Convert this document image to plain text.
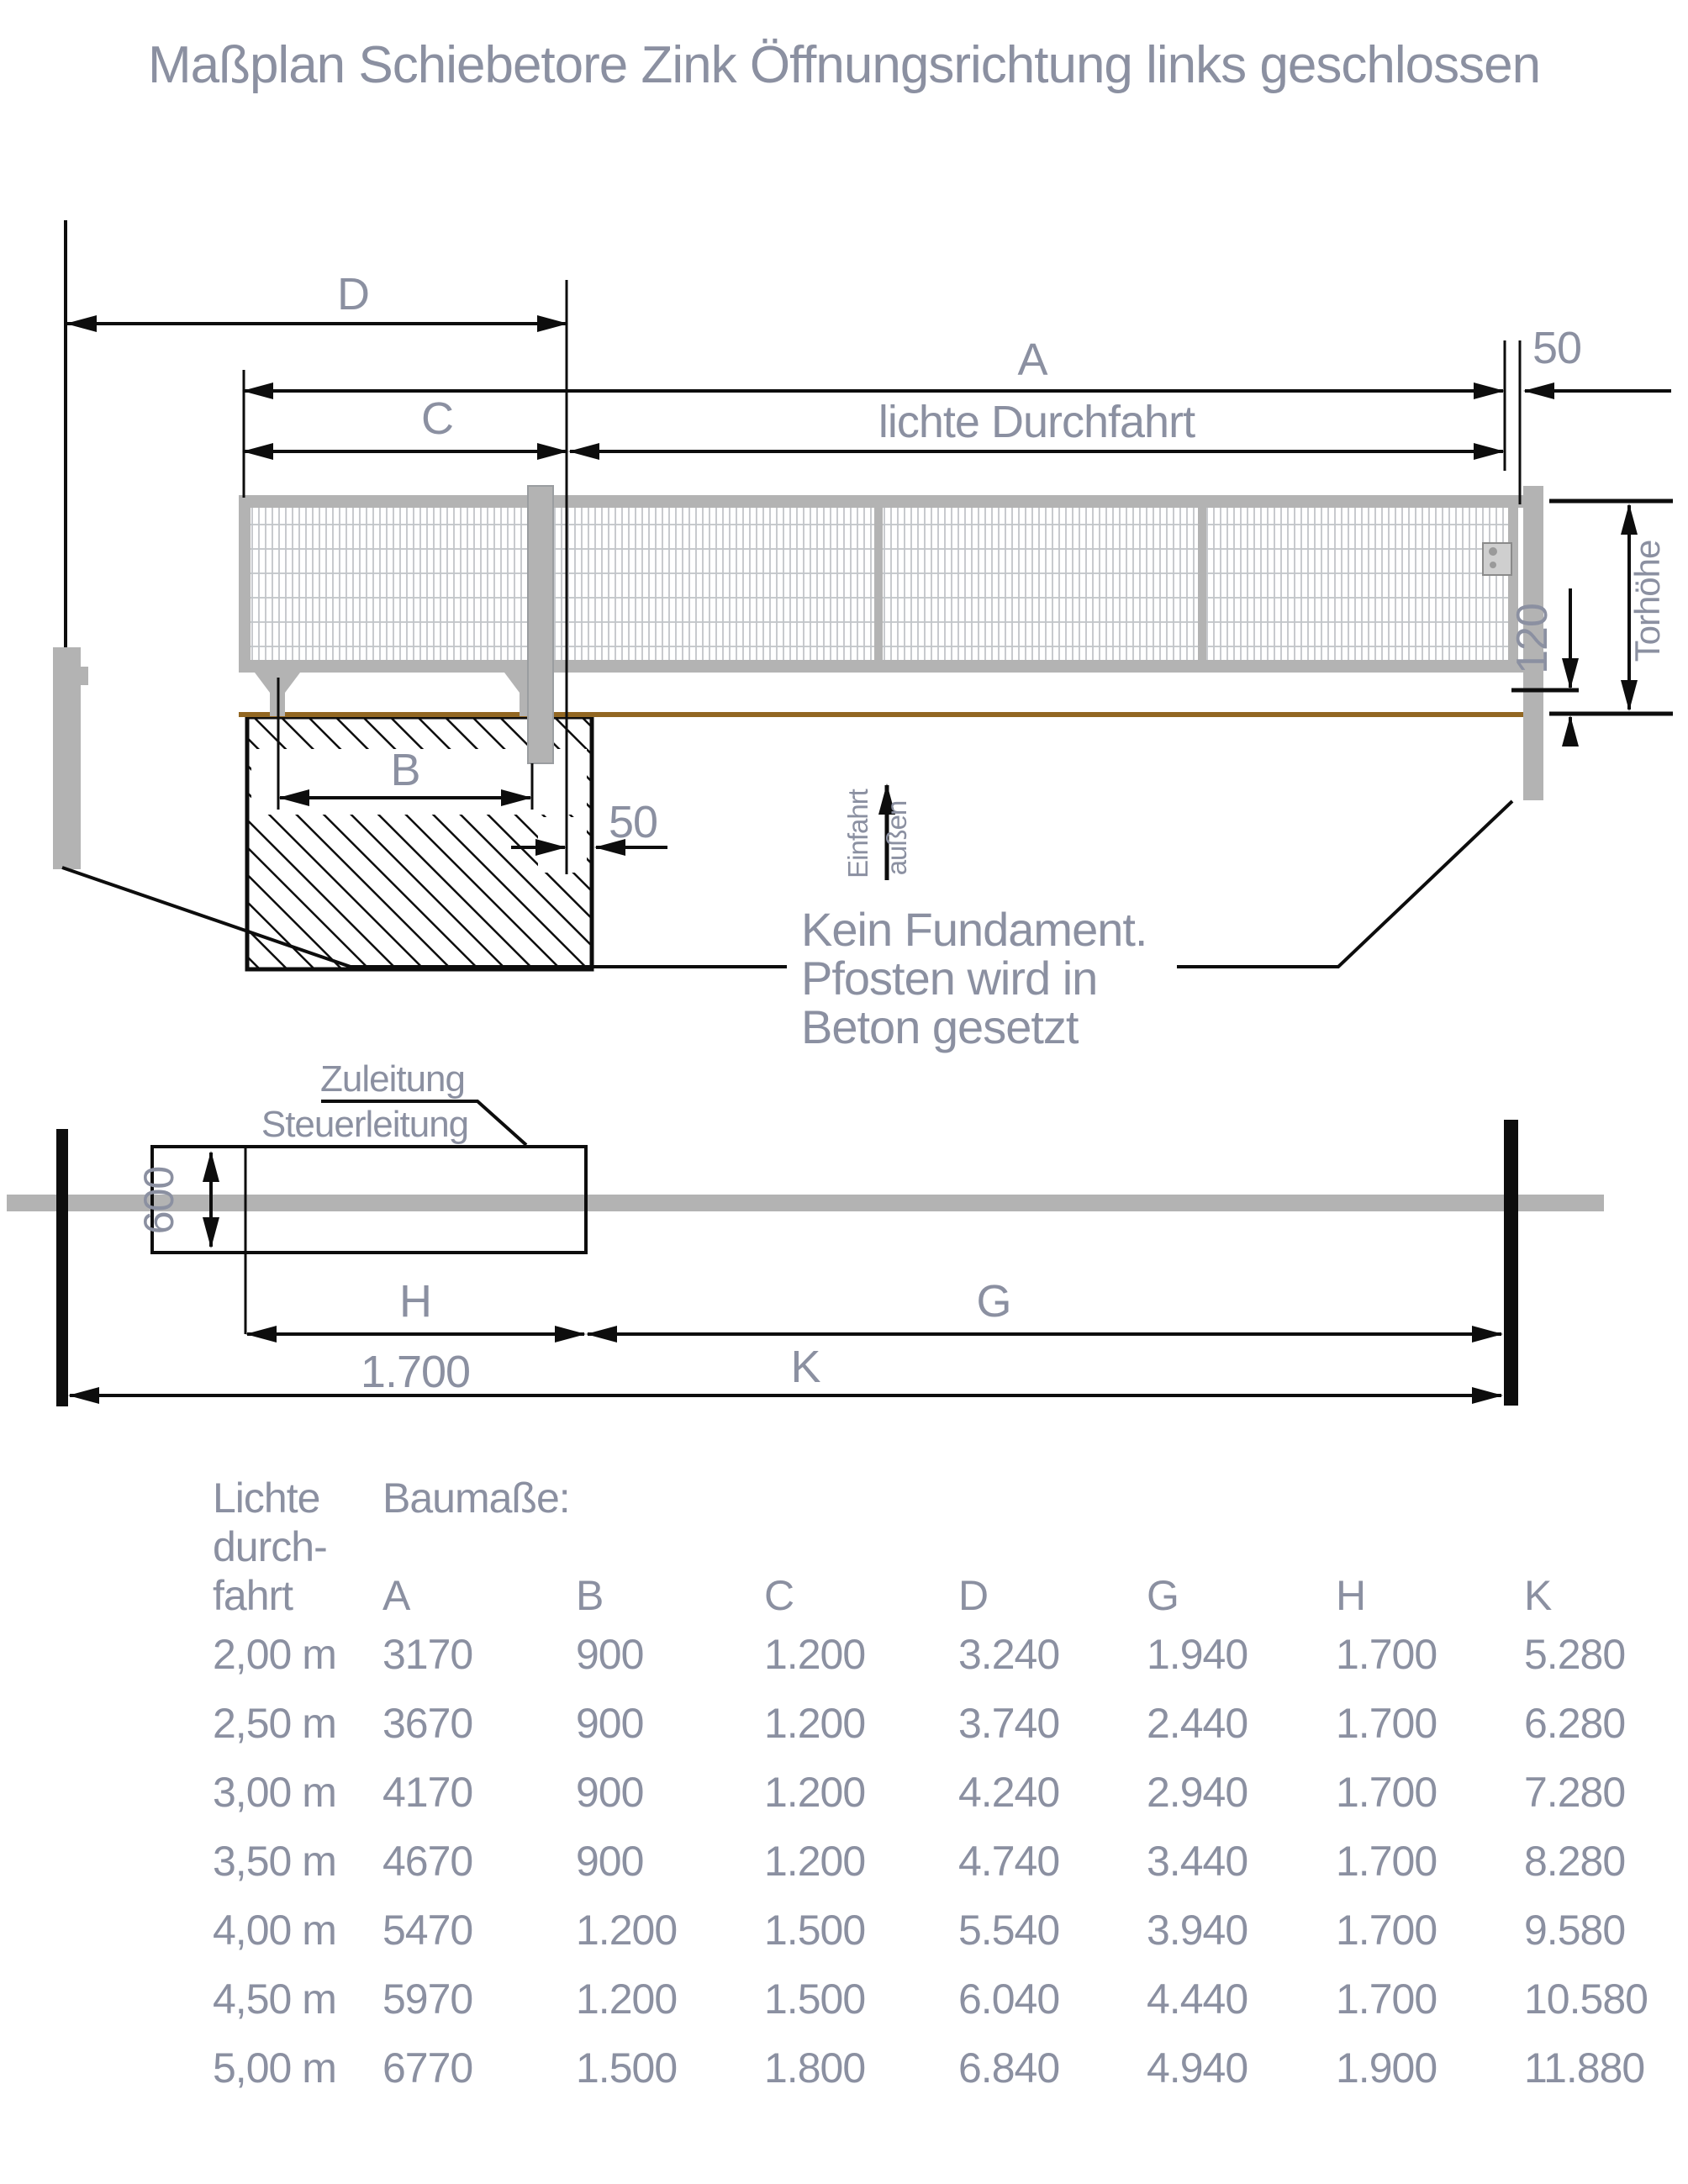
Maßplan Schiebetore Zink Öffnungsrichtung links geschlossen
D
A	50
C	lichte Durchfahrt
B
50
Torhöhe
120
Einfahrt außen
Kein Fundament.
Pfosten wird in
Beton gesetzt
600
Zuleitung
Steuerleitung
H
1.700
G
K
Lichte	Baumaße:
durch-
fahrt	A	B	C	D	G	H	K
2,00 m	3170	900	1.200	3.240	1.940	1.700	5.280
2,50 m	3670	900	1.200	3.740	2.440	1.700	6.280
3,00 m	4170	900	1.200	4.240	2.940	1.700	7.280
3,50 m	4670	900	1.200	4.740	3.440	1.700	8.280
4,00 m	5470	1.200	1.500	5.540	3.940	1.700	9.580
4,50 m	5970	1.200	1.500	6.040	4.440	1.700	10.580
5,00 m	6770	1.500	1.800	6.840	4.940	1.900	11.880
